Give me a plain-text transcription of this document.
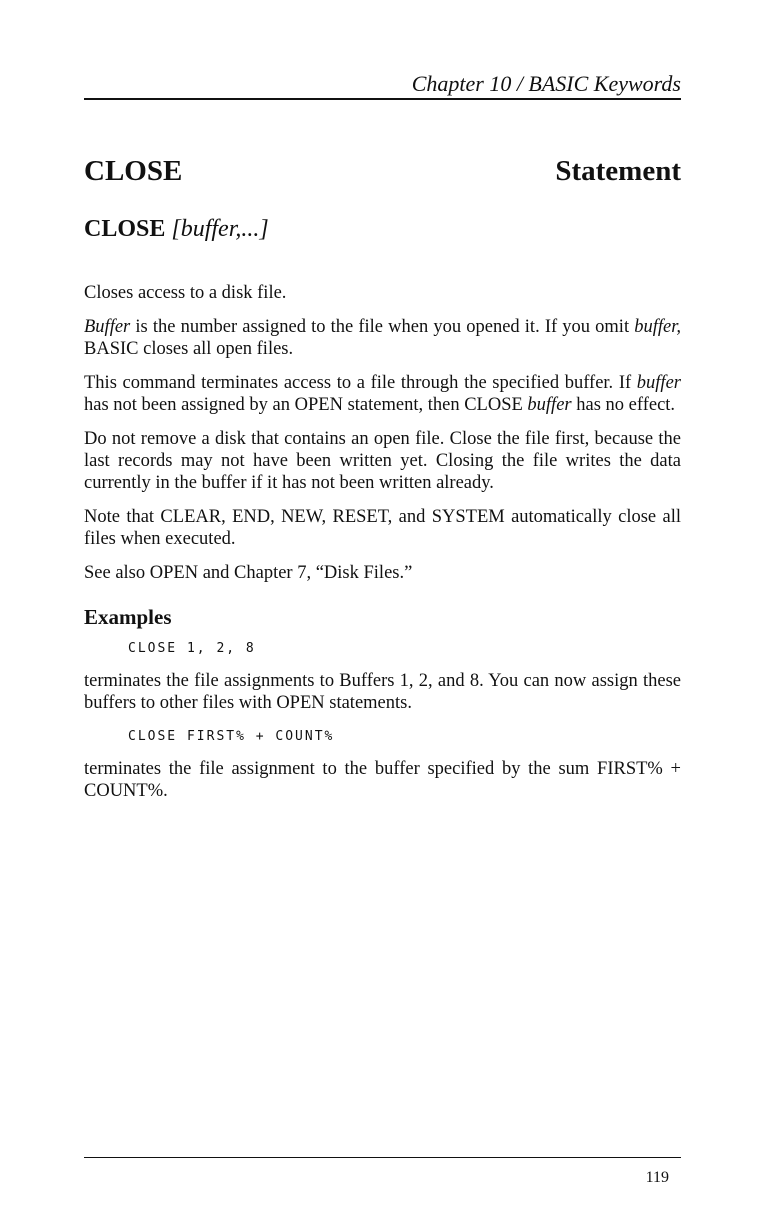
Chapter 10 / BASIC Keywords
CLOSE	Statement
CLOSE [buffer,...]

Closes access to a disk file.

Buffer is the number assigned to the file when you opened it. If you omit buffer, BASIC closes all open files.

This command terminates access to a file through the specified buffer. If buffer has not been assigned by an OPEN statement, then CLOSE buffer has no effect.

Do not remove a disk that contains an open file. Close the file first, because the last records may not have been written yet. Closing the file writes the data currently in the buffer if it has not been written already.

Note that CLEAR, END, NEW, RESET, and SYSTEM automatically close all files when executed.

See also OPEN and Chapter 7, “Disk Files.”

Examples
CLOSE 1, 2, 8

terminates the file assignments to Buffers 1, 2, and 8. You can now assign these buffers to other files with OPEN statements.

CLOSE FIRST% + COUNT%

terminates the file assignment to the buffer specified by the sum FIRST% + COUNT%.

119
